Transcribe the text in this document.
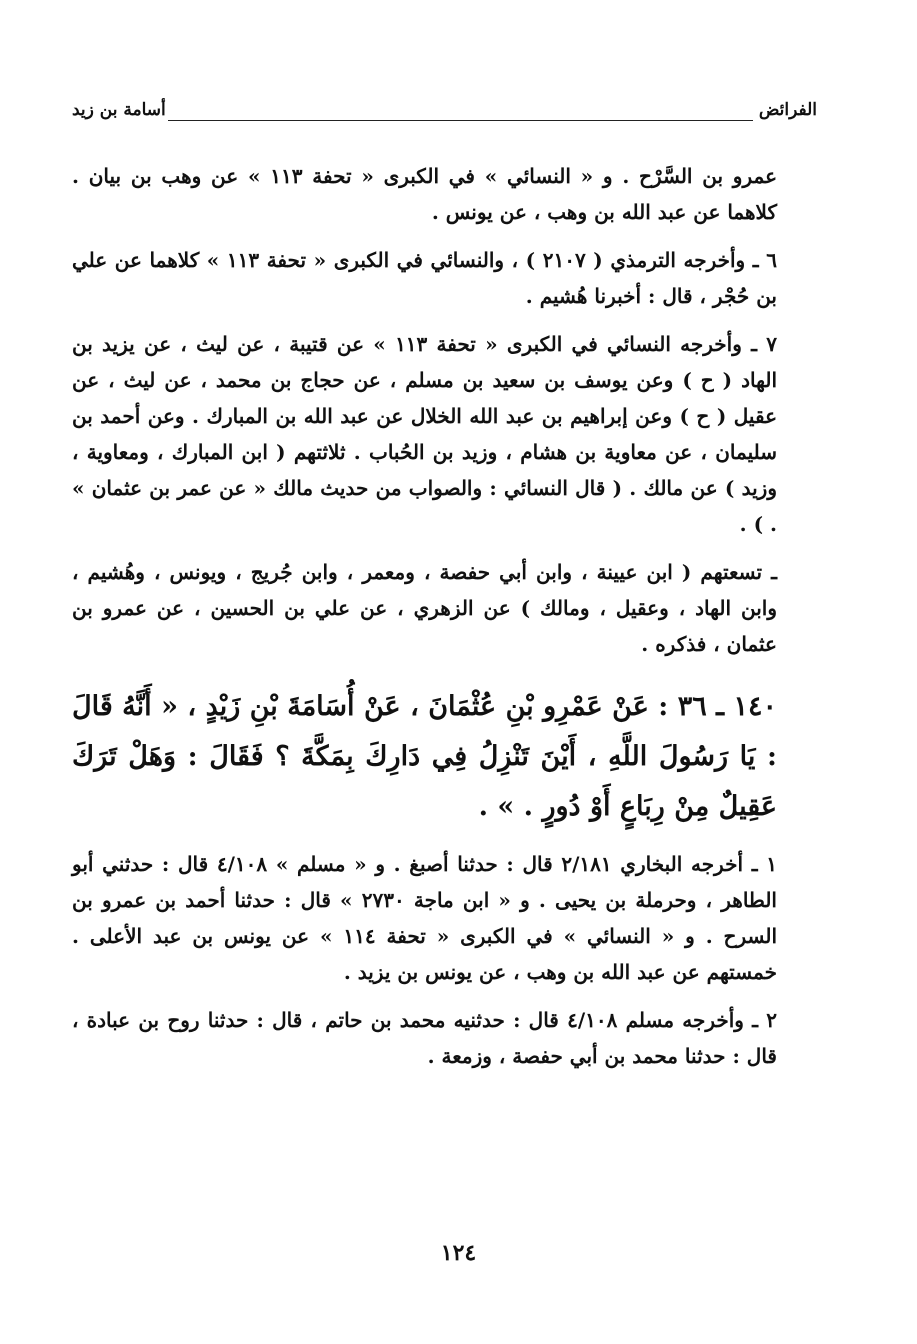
الفرائض
أسامة بن زيد

عمرو بن السَّرْح . و « النسائي » في الكبرى « تحفة ١١٣ » عن وهب بن بيان . كلاهما عن عبد الله بن وهب ، عن يونس .

٦ ـ وأخرجه الترمذي ( ٢١٠٧ ) ، والنسائي في الكبرى « تحفة ١١٣ » كلاهما عن علي بن حُجْر ، قال : أخبرنا هُشيم .

٧ ـ وأخرجه النسائي في الكبرى « تحفة ١١٣ » عن قتيبة ، عن ليث ، عن يزيد بن الهاد ( ح ) وعن يوسف بن سعيد بن مسلم ، عن حجاج بن محمد ، عن ليث ، عن عقيل ( ح ) وعن إبراهيم بن عبد الله الخلال عن عبد الله بن المبارك . وعن أحمد بن سليمان ، عن معاوية بن هشام ، وزيد بن الحُباب . ثلاثتهم ( ابن المبارك ، ومعاوية ، وزيد ) عن مالك . ( قال النسائي : والصواب من حديث مالك « عن عمر بن عثمان » . ) .

ـ تسعتهم ( ابن عيينة ، وابن أبي حفصة ، ومعمر ، وابن جُريج ، ويونس ، وهُشيم ، وابن الهاد ، وعقيل ، ومالك ) عن الزهري ، عن علي بن الحسين ، عن عمرو بن عثمان ، فذكره .

١٤٠ ـ ٣٦ : عَنْ عَمْرِو بْنِ عُثْمَانَ ، عَنْ أُسَامَةَ بْنِ زَيْدٍ ، « أَنَّهُ قَالَ : يَا رَسُولَ اللَّهِ ، أَيْنَ تَنْزِلُ فِي دَارِكَ بِمَكَّةَ ؟ فَقَالَ : وَهَلْ تَرَكَ عَقِيلٌ مِنْ رِبَاعٍ أَوْ دُورٍ . » .

١ ـ أخرجه البخاري ٢/١٨١ قال : حدثنا أصبغ . و « مسلم » ٤/١٠٨ قال : حدثني أبو الطاهر ، وحرملة بن يحيى . و « ابن ماجة ٢٧٣٠ » قال : حدثنا أحمد بن عمرو بن السرح . و « النسائي » في الكبرى « تحفة ١١٤ » عن يونس بن عبد الأعلى . خمستهم عن عبد الله بن وهب ، عن يونس بن يزيد .

٢ ـ وأخرجه مسلم ٤/١٠٨ قال : حدثنيه محمد بن حاتم ، قال : حدثنا روح بن عبادة ، قال : حدثنا محمد بن أبي حفصة ، وزمعة .

١٢٤
